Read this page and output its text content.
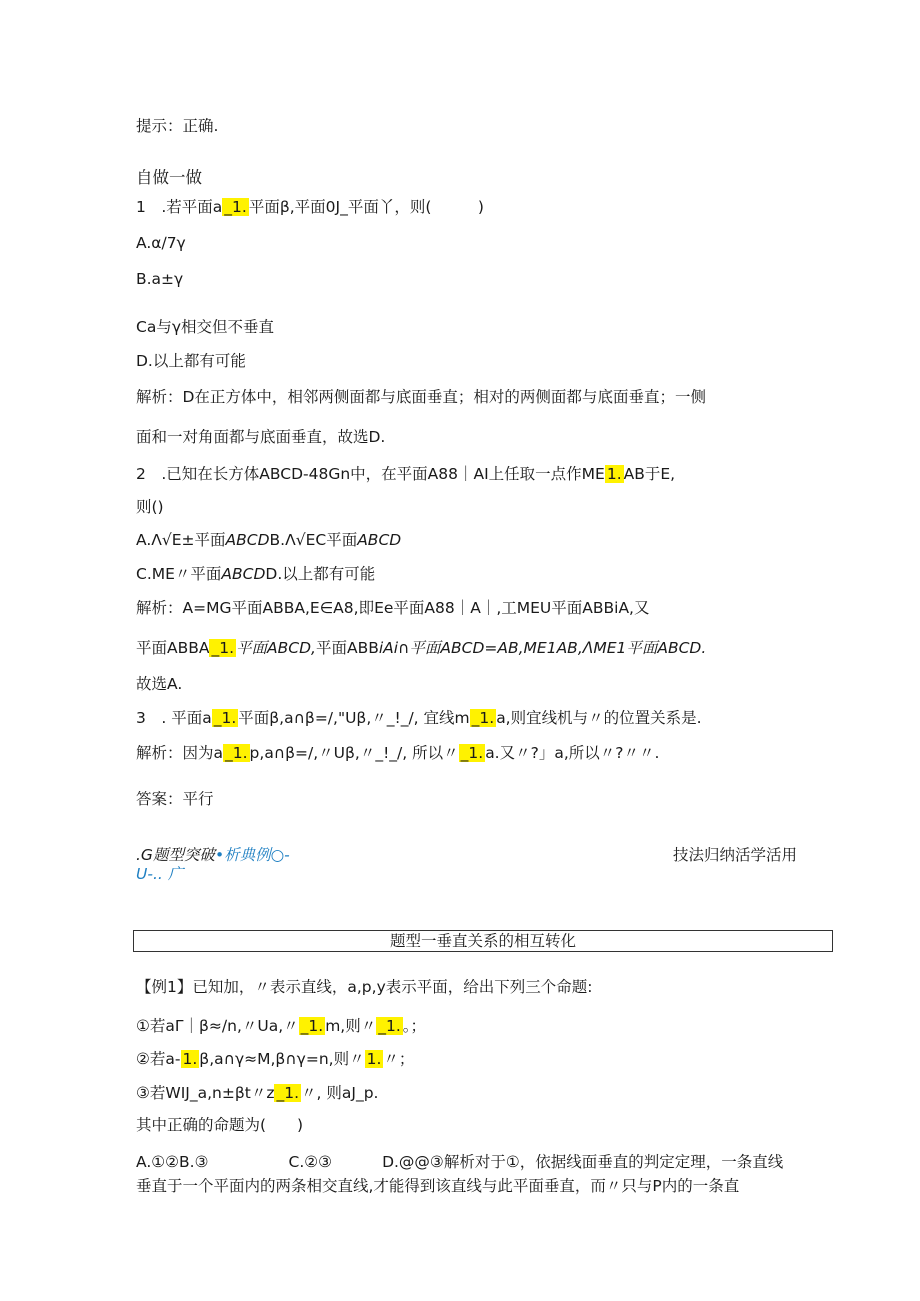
提示：正确.
自做一做
1　.若平面a _1. 平面β,平面0J_平面丫，则(　　　)
A.α∕7γ
B.a±γ
Ca与γ相交但不垂直
D.以上都有可能
解析：D在正方体中，相邻两侧面都与底面垂直；相对的两侧面都与底面垂直；一侧
面和一对角面都与底面垂直，故选D.
2　.已知在长方体ABCD-48Gn中，在平面A88｜AI上任取一点作ME 1. AB于E,
则()
A.Λ√E±平面ABCDB.Λ√EC平面ABCD
C.ME〃平面ABCDD.以上都有可能
解析：A=MG平面ABBA,E∈A8,即Ee平面A88｜A｜,工MEU平面ABBiA,又
平面ABBA _1. 平面ABCD,平面ABBiAi∩平面ABCD=AB,ME1AB,ΛME1平面ABCD.
故选A.
3　. 平面a _1. 平面β,a∩β=/,"Uβ,〃_!_/, 宜线m _1. a,则宜线机与〃的位置关系是.
解析：因为a _1. p,a∩β=/,〃Uβ,〃_!_/, 所以〃 _1. a.又〃?」a,所以〃?〃〃.
答案：平行
.G题型突破•析典例○-
U-.. 广
技法归纳活学活用
题型一垂直关系的相互转化
【例1】已知加，〃表示直线，a,p,y表示平面，给出下列三个命题:
①若aΓ｜β≈∕n,〃Ua,〃 _1. m,则〃 _1. 。；
②若a- 1. β,a∩γ≈M,β∩γ=n,则〃 1. 〃；
③若WIJ_a,n±βt〃z _1. 〃, 则aJ_p.
其中正确的命题为(　　)
A.①②B.③	C.②③	D.@@③解析对于①，依据线面垂直的判定定理，一条直线
垂直于一个平面内的两条相交直线,才能得到该直线与此平面垂直，而〃只与P内的一条直
